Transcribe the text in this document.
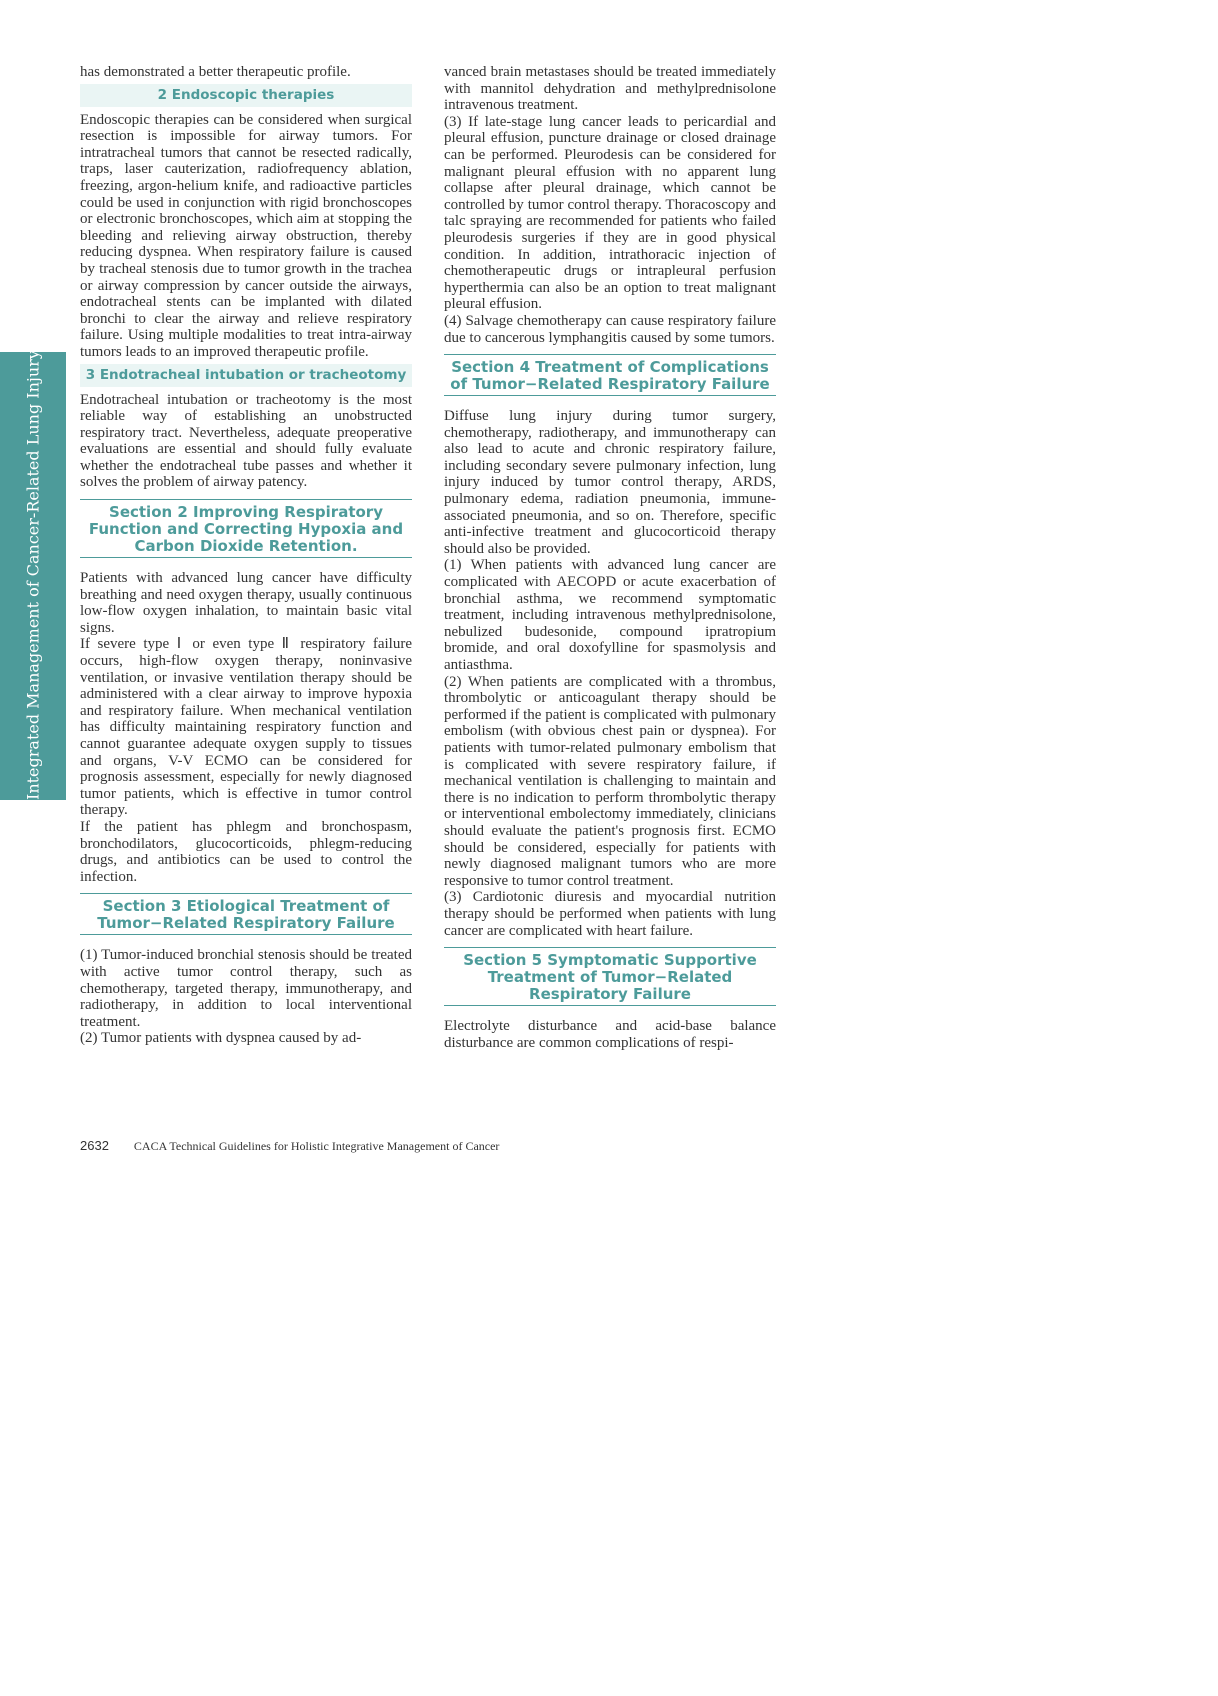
Integrated Management of Cancer-Related Lung Injury

has demonstrated a better therapeutic profile.

2 Endoscopic therapies

Endoscopic therapies can be considered when surgical resection is impossible for airway tumors. For intratracheal tumors that cannot be resected radically, traps, laser cauterization, radiofrequency ablation, freezing, argon-helium knife, and radioactive particles could be used in conjunction with rigid bronchoscopes or electronic bronchoscopes, which aim at stopping the bleeding and relieving airway obstruction, thereby reducing dyspnea. When respiratory failure is caused by tracheal stenosis due to tumor growth in the trachea or airway compression by cancer outside the airways, endotracheal stents can be implanted with dilated bronchi to clear the airway and relieve respiratory failure. Using multiple modalities to treat intra-airway tumors leads to an improved therapeutic profile.

3 Endotracheal intubation or tracheotomy

Endotracheal intubation or tracheotomy is the most reliable way of establishing an unobstructed respiratory tract. Nevertheless, adequate preoperative evaluations are essential and should fully evaluate whether the endotracheal tube passes and whether it solves the problem of airway patency.

Section 2 Improving Respiratory Function and Correcting Hypoxia and Carbon Dioxide Retention.

Patients with advanced lung cancer have difficulty breathing and need oxygen therapy, usually continuous low-flow oxygen inhalation, to maintain basic vital signs.

If severe type Ⅰ or even type Ⅱ respiratory failure occurs, high-flow oxygen therapy, noninvasive ventilation, or invasive ventilation therapy should be administered with a clear airway to improve hypoxia and respiratory failure. When mechanical ventilation has difficulty maintaining respiratory function and cannot guarantee adequate oxygen supply to tissues and organs, V-V ECMO can be considered for prognosis assessment, especially for newly diagnosed tumor patients, which is effective in tumor control therapy.

If the patient has phlegm and bronchospasm, bronchodilators, glucocorticoids, phlegm-reducing drugs, and antibiotics can be used to control the infection.

Section 3 Etiological Treatment of Tumor−Related Respiratory Failure

(1) Tumor-induced bronchial stenosis should be treated with active tumor control therapy, such as chemotherapy, targeted therapy, immunotherapy, and radiotherapy, in addition to local interventional treatment.

(2) Tumor patients with dyspnea caused by ad-

vanced brain metastases should be treated immediately with mannitol dehydration and methylprednisolone intravenous treatment.

(3) If late-stage lung cancer leads to pericardial and pleural effusion, puncture drainage or closed drainage can be performed. Pleurodesis can be considered for malignant pleural effusion with no apparent lung collapse after pleural drainage, which cannot be controlled by tumor control therapy. Thoracoscopy and talc spraying are recommended for patients who failed pleurodesis surgeries if they are in good physical condition. In addition, intrathoracic injection of chemotherapeutic drugs or intrapleural perfusion hyperthermia can also be an option to treat malignant pleural effusion.

(4) Salvage chemotherapy can cause respiratory failure due to cancerous lymphangitis caused by some tumors.

Section 4 Treatment of Complications of Tumor−Related Respiratory Failure

Diffuse lung injury during tumor surgery, chemotherapy, radiotherapy, and immunotherapy can also lead to acute and chronic respiratory failure, including secondary severe pulmonary infection, lung injury induced by tumor control therapy, ARDS, pulmonary edema, radiation pneumonia, immune-associated pneumonia, and so on. Therefore, specific anti-infective treatment and glucocorticoid therapy should also be provided.

(1) When patients with advanced lung cancer are complicated with AECOPD or acute exacerbation of bronchial asthma, we recommend symptomatic treatment, including intravenous methylprednisolone, nebulized budesonide, compound ipratropium bromide, and oral doxofylline for spasmolysis and antiasthma.

(2) When patients are complicated with a thrombus, thrombolytic or anticoagulant therapy should be performed if the patient is complicated with pulmonary embolism (with obvious chest pain or dyspnea). For patients with tumor-related pulmonary embolism that is complicated with severe respiratory failure, if mechanical ventilation is challenging to maintain and there is no indication to perform thrombolytic therapy or interventional embolectomy immediately, clinicians should evaluate the patient's prognosis first. ECMO should be considered, especially for patients with newly diagnosed malignant tumors who are more responsive to tumor control treatment.

(3) Cardiotonic diuresis and myocardial nutrition therapy should be performed when patients with lung cancer are complicated with heart failure.

Section 5 Symptomatic Supportive Treatment of Tumor−Related Respiratory Failure

Electrolyte disturbance and acid-base balance disturbance are common complications of respi-

2632 CACA Technical Guidelines for Holistic Integrative Management of Cancer
